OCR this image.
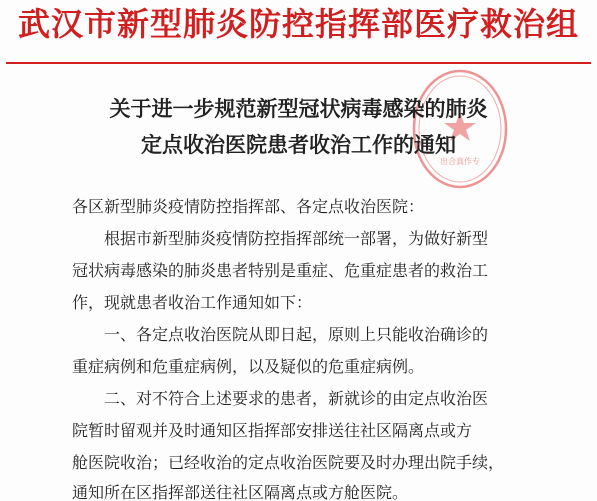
武汉市新型肺炎防控指挥部医疗救治组
出合真作专
关于进一步规范新型冠状病毒感染的肺炎
定点收治医院患者收治工作的通知
各区新型肺炎疫情防控指挥部、各定点收治医院：
　　根据市新型肺炎疫情防控指挥部统一部署，为做好新型
冠状病毒感染的肺炎患者特别是重症、危重症患者的救治工
作，现就患者收治工作通知如下：
　　一、各定点收治医院从即日起，原则上只能收治确诊的
重症病例和危重症病例，以及疑似的危重症病例。
　　二、对不符合上述要求的患者，新就诊的由定点收治医
院暂时留观并及时通知区指挥部安排送往社区隔离点或方
舱医院收治；已经收治的定点收治医院要及时办理出院手续，
通知所在区指挥部送往社区隔离点或方舱医院。
